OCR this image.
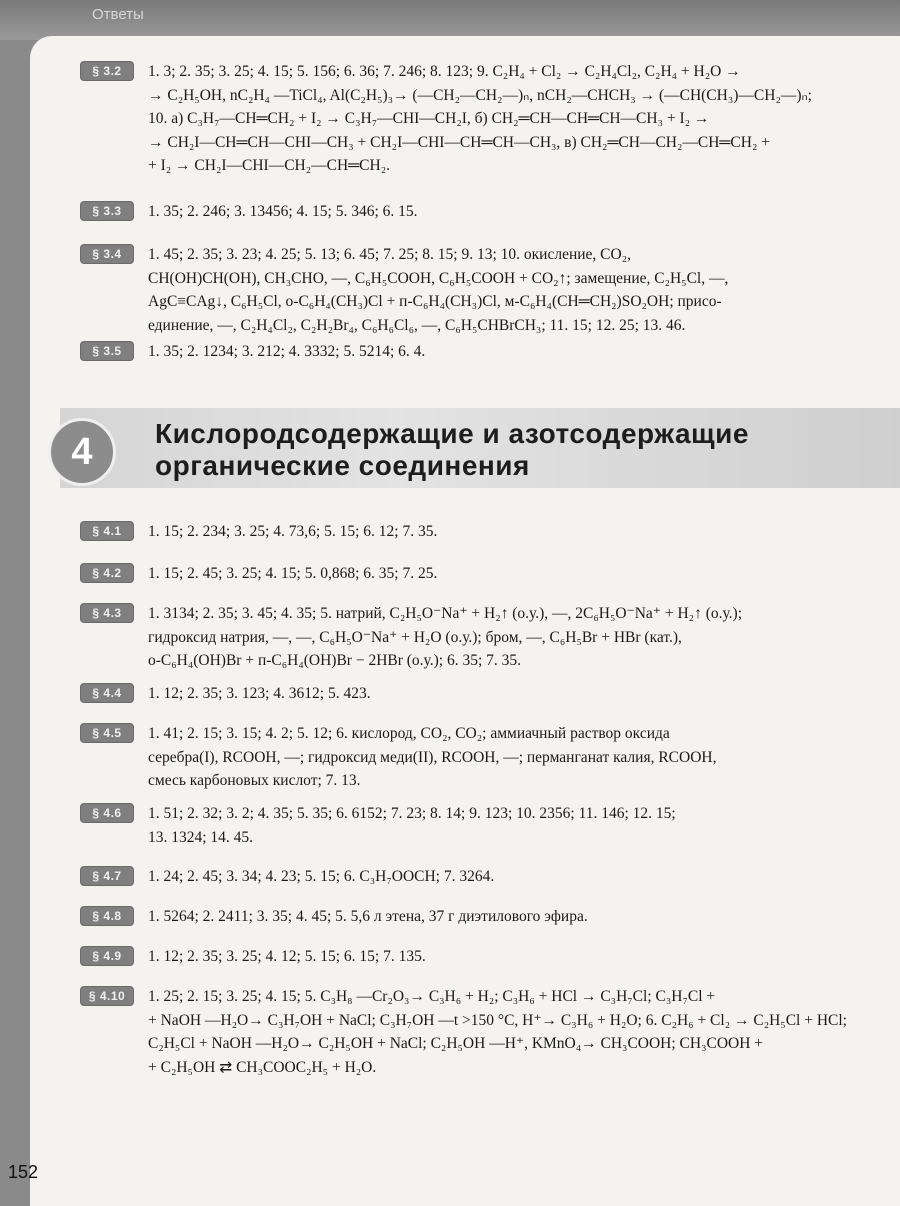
Ответы
§ 3.2	1. 3; 2. 35; 3. 25; 4. 15; 5. 156; 6. 36; 7. 246; 8. 123; 9. C₂H₄ + Cl₂ → C₂H₄Cl₂, C₂H₄ + H₂O →
→ C₂H₅OH, nC₂H₄ —TiCl₄, Al(C₂H₅)₃→ (—CH₂—CH₂—)ₙ, nCH₂—CHCH₃ → (—CH(CH₃)—CH₂—)ₙ;
10. а) C₃H₇—CH═CH₂ + I₂ → C₃H₇—CHI—CH₂I, б) CH₂═CH—CH═CH—CH₃ + I₂ →
→ CH₂I—CH═CH—CHI—CH₃ + CH₂I—CHI—CH═CH—CH₃, в) CH₂═CH—CH₂—CH═CH₂ +
+ I₂ → CH₂I—CHI—CH₂—CH═CH₂.
§ 3.3	1. 35; 2. 246; 3. 13456; 4. 15; 5. 346; 6. 15.
§ 3.4	1. 45; 2. 35; 3. 23; 4. 25; 5. 13; 6. 45; 7. 25; 8. 15; 9. 13; 10. окисление, CO₂,
CH(OH)CH(OH), CH₃CHO, —, C₆H₅COOH, C₆H₅COOH + CO₂↑; замещение, C₂H₅Cl, —,
AgC≡CAg↓, C₆H₅Cl, о-C₆H₄(CH₃)Cl + п-C₆H₄(CH₃)Cl, м-C₆H₄(CH═CH₂)SO₂OH; присо-
единение, —, C₂H₄Cl₂, C₂H₂Br₄, C₆H₆Cl₆, —, C₆H₅CHBrCH₃; 11. 15; 12. 25; 13. 46.
§ 3.5	1. 35; 2. 1234; 3. 212; 4. 3332; 5. 5214; 6. 4.
§ 4.1	1. 15; 2. 234; 3. 25; 4. 73,6; 5. 15; 6. 12; 7. 35.
§ 4.2	1. 15; 2. 45; 3. 25; 4. 15; 5. 0,868; 6. 35; 7. 25.
§ 4.3	1. 3134; 2. 35; 3. 45; 4. 35; 5. натрий, C₂H₅O⁻Na⁺ + H₂↑ (о.у.), —, 2C₆H₅O⁻Na⁺ + H₂↑ (о.у.);
гидроксид натрия, —, —, C₆H₅O⁻Na⁺ + H₂O (о.у.); бром, —, C₆H₅Br + HBr (кат.),
о-C₆H₄(OH)Br + п-C₆H₄(OH)Br − 2HBr (о.у.); 6. 35; 7. 35.
§ 4.4	1. 12; 2. 35; 3. 123; 4. 3612; 5. 423.
§ 4.5	1. 41; 2. 15; 3. 15; 4. 2; 5. 12; 6. кислород, CO₂, CO₂; аммиачный раствор оксида
серебра(I), RCOOH, —; гидроксид меди(II), RCOOH, —; перманганат калия, RCOOH,
смесь карбоновых кислот; 7. 13.
§ 4.6	1. 51; 2. 32; 3. 2; 4. 35; 5. 35; 6. 6152; 7. 23; 8. 14; 9. 123; 10. 2356; 11. 146; 12. 15;
13. 1324; 14. 45.
§ 4.7	1. 24; 2. 45; 3. 34; 4. 23; 5. 15; 6. C₃H₇OOCH; 7. 3264.
§ 4.8	1. 5264; 2. 2411; 3. 35; 4. 45; 5. 5,6 л этена, 37 г диэтилового эфира.
§ 4.9	1. 12; 2. 35; 3. 25; 4. 12; 5. 15; 6. 15; 7. 135.
§ 4.10	1. 25; 2. 15; 3. 25; 4. 15; 5. C₃H₈ —Cr₂O₃→ C₃H₆ + H₂; C₃H₆ + HCl → C₃H₇Cl; C₃H₇Cl +
+ NaOH —H₂O→ C₃H₇OH + NaCl; C₃H₇OH —t >150 °C, H⁺→ C₃H₆ + H₂O; 6. C₂H₆ + Cl₂ → C₂H₅Cl + HCl;
C₂H₅Cl + NaOH —H₂O→ C₂H₅OH + NaCl; C₂H₅OH —H⁺, KMnO₄→ CH₃COOH; CH₃COOH +
+ C₂H₅OH ⇄ CH₃COOC₂H₅ + H₂O.
4	Кислородсодержащие и азотсодержащие
органические соединения
152
